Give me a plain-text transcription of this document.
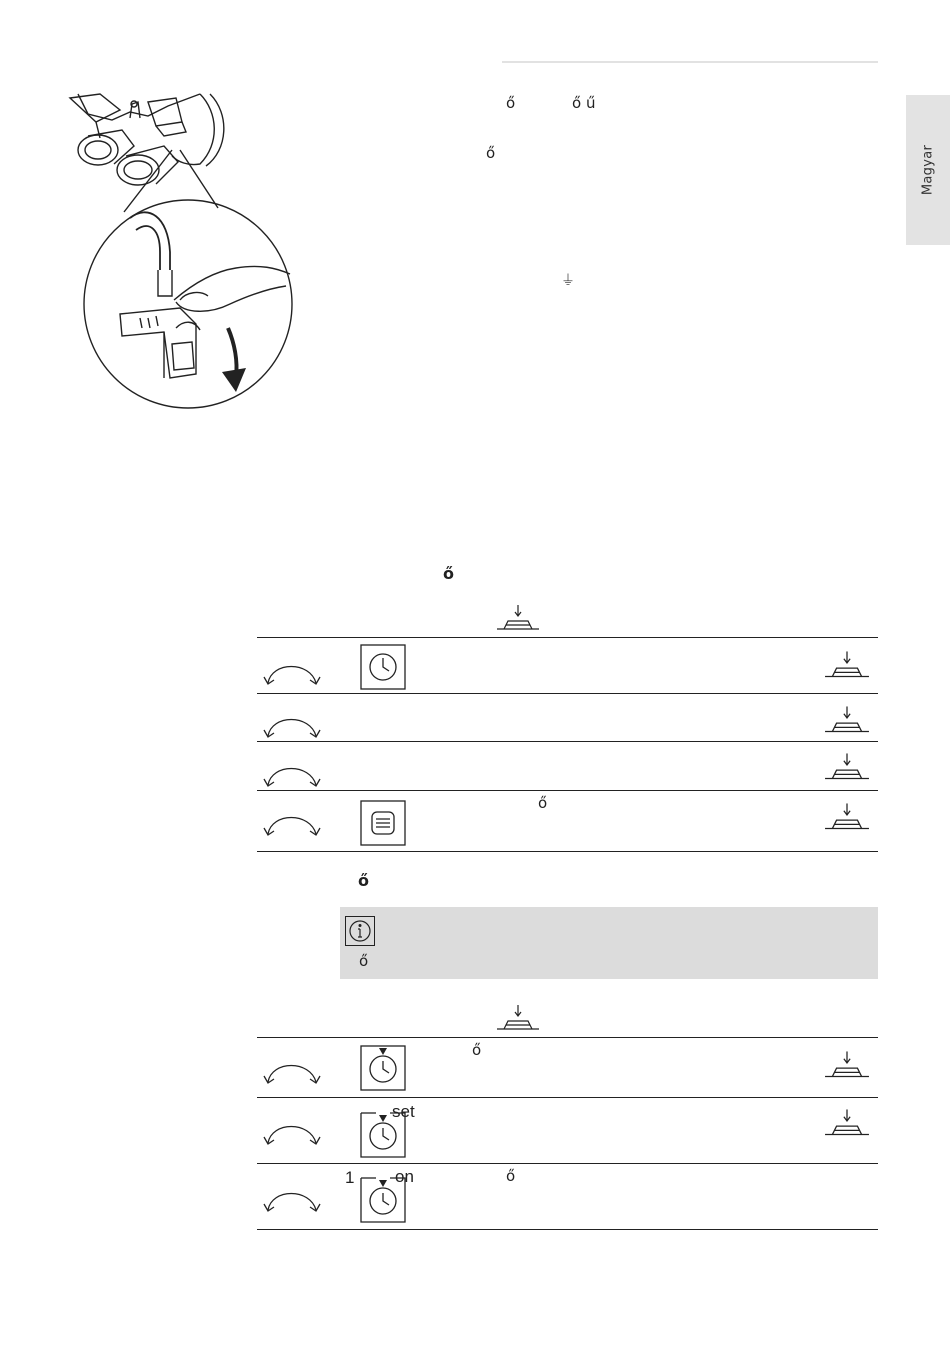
Magyar
ő	ő ű
ő
⏚
ő
ő
ő
ő
ő
set
1 on	ő
